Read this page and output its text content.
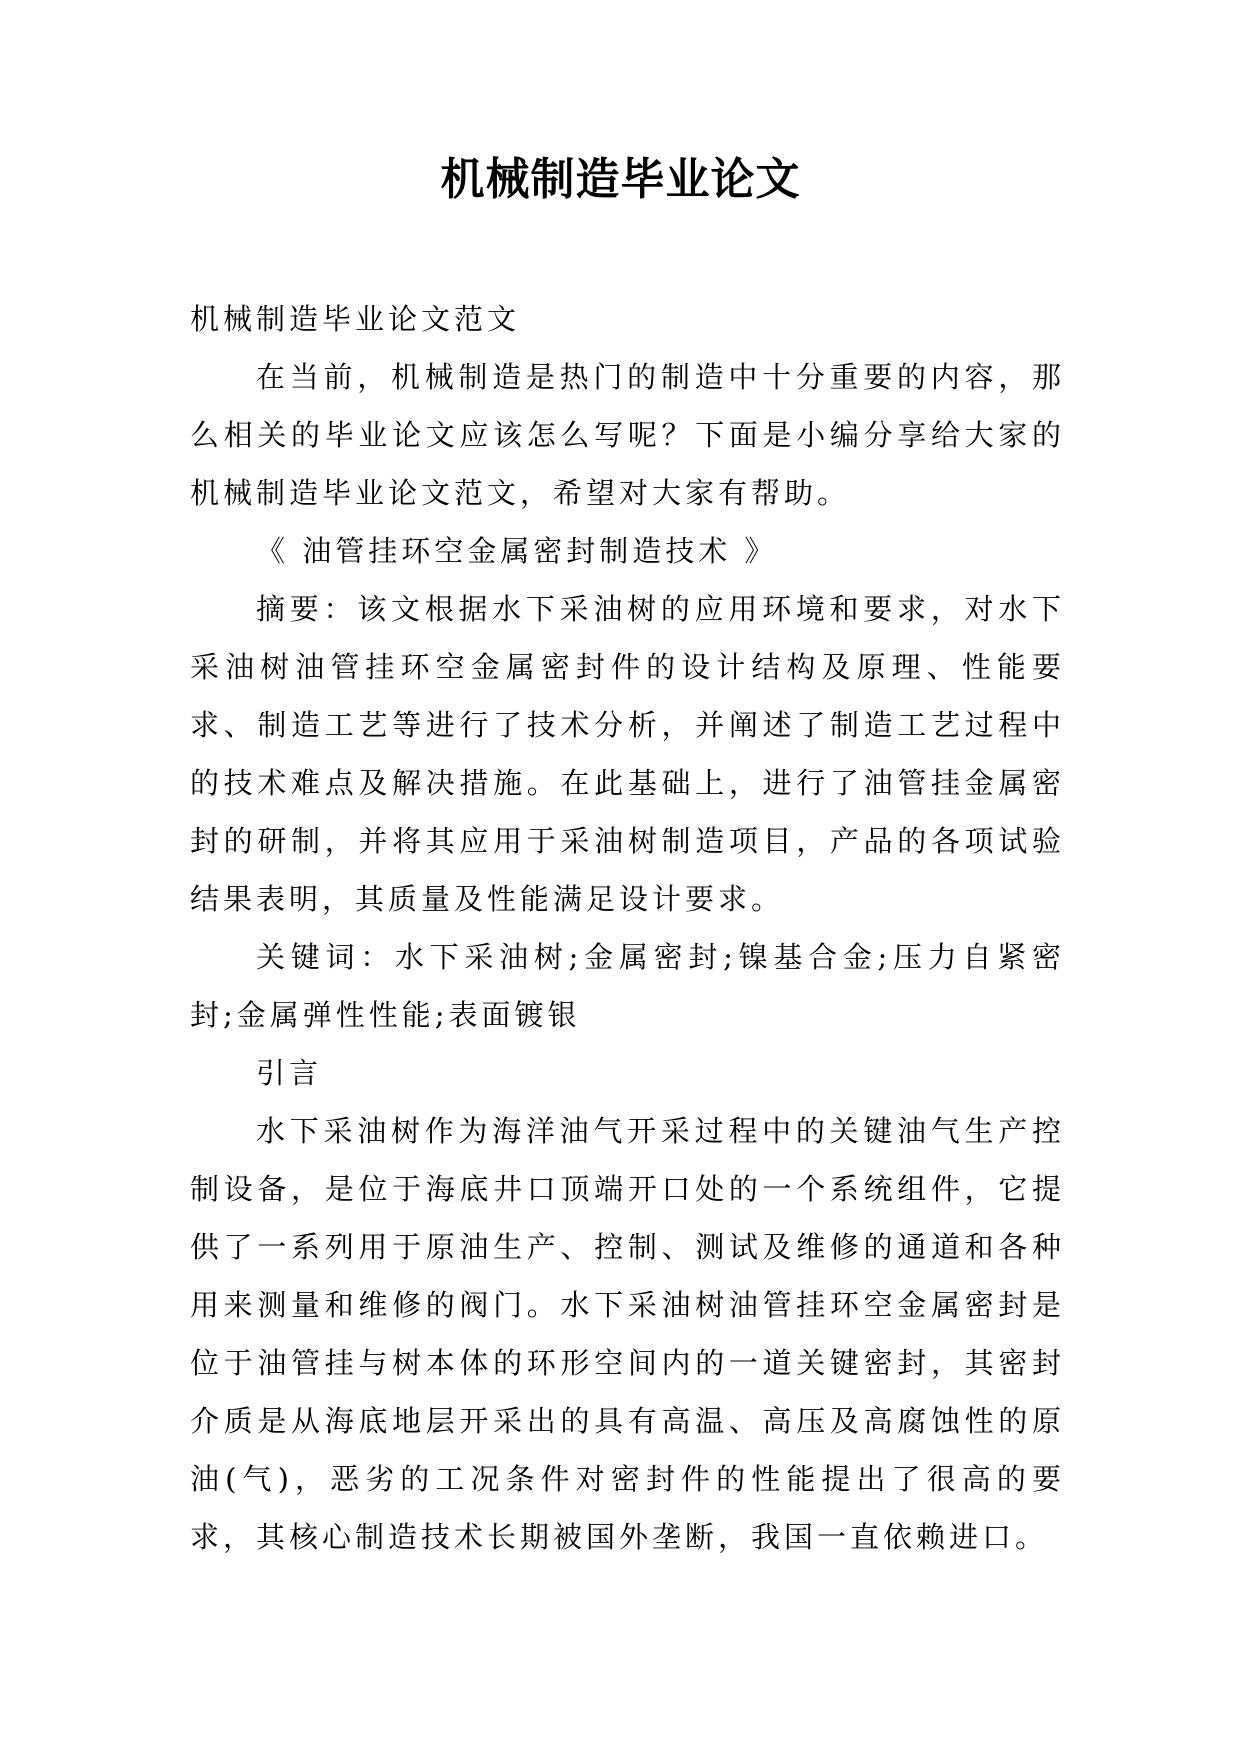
机械制造毕业论文

机械制造毕业论文范文

在当前，机械制造是热门的制造中十分重要的内容，那么相关的毕业论文应该怎么写呢？下面是小编分享给大家的机械制造毕业论文范文，希望对大家有帮助。

《 油管挂环空金属密封制造技术 》

摘要：该文根据水下采油树的应用环境和要求，对水下采油树油管挂环空金属密封件的设计结构及原理、性能要求、制造工艺等进行了技术分析，并阐述了制造工艺过程中的技术难点及解决措施。在此基础上，进行了油管挂金属密封的研制，并将其应用于采油树制造项目，产品的各项试验结果表明，其质量及性能满足设计要求。

关键词：水下采油树;金属密封;镍基合金;压力自紧密封;金属弹性性能;表面镀银

引言

水下采油树作为海洋油气开采过程中的关键油气生产控制设备，是位于海底井口顶端开口处的一个系统组件，它提供了一系列用于原油生产、控制、测试及维修的通道和各种用来测量和维修的阀门。水下采油树油管挂环空金属密封是位于油管挂与树本体的环形空间内的一道关键密封，其密封介质是从海底地层开采出的具有高温、高压及高腐蚀性的原油(气)，恶劣的工况条件对密封件的性能提出了很高的要求，其核心制造技术长期被国外垄断，我国一直依赖进口。
